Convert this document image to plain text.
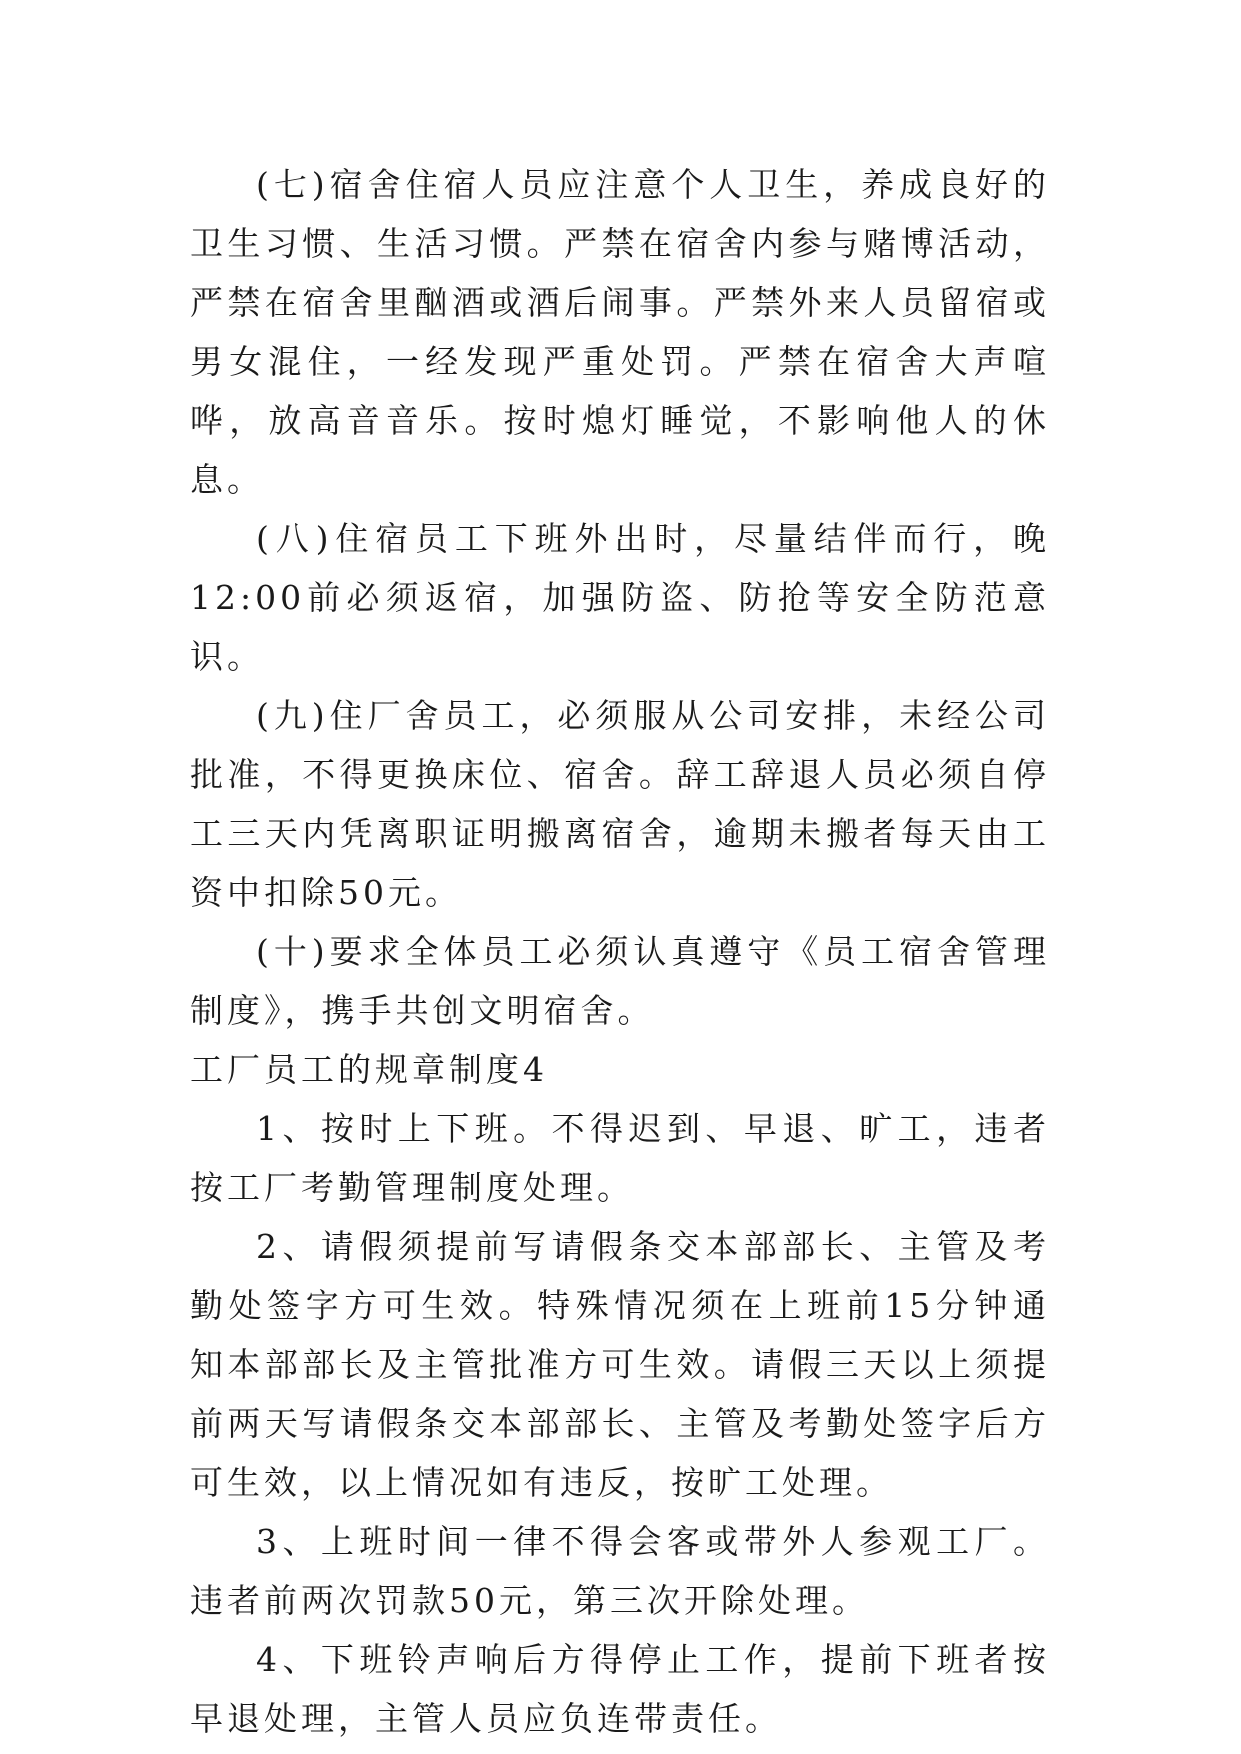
(七)宿舍住宿人员应注意个人卫生，养成良好的卫生习惯、生活习惯。严禁在宿舍内参与赌博活动，严禁在宿舍里酗酒或酒后闹事。严禁外来人员留宿或男女混住，一经发现严重处罚。严禁在宿舍大声喧哗，放高音音乐。按时熄灯睡觉，不影响他人的休息。

(八)住宿员工下班外出时，尽量结伴而行，晚12:00前必须返宿，加强防盗、防抢等安全防范意识。

(九)住厂舍员工，必须服从公司安排，未经公司批准，不得更换床位、宿舍。辞工辞退人员必须自停工三天内凭离职证明搬离宿舍，逾期未搬者每天由工资中扣除50元。

(十)要求全体员工必须认真遵守《员工宿舍管理制度》，携手共创文明宿舍。

工厂员工的规章制度4

1、按时上下班。不得迟到、早退、旷工，违者按工厂考勤管理制度处理。

2、请假须提前写请假条交本部部长、主管及考勤处签字方可生效。特殊情况须在上班前15分钟通知本部部长及主管批准方可生效。请假三天以上须提前两天写请假条交本部部长、主管及考勤处签字后方可生效，以上情况如有违反，按旷工处理。

3、上班时间一律不得会客或带外人参观工厂。违者前两次罚款50元，第三次开除处理。

4、下班铃声响后方得停止工作，提前下班者按早退处理，主管人员应负连带责任。
